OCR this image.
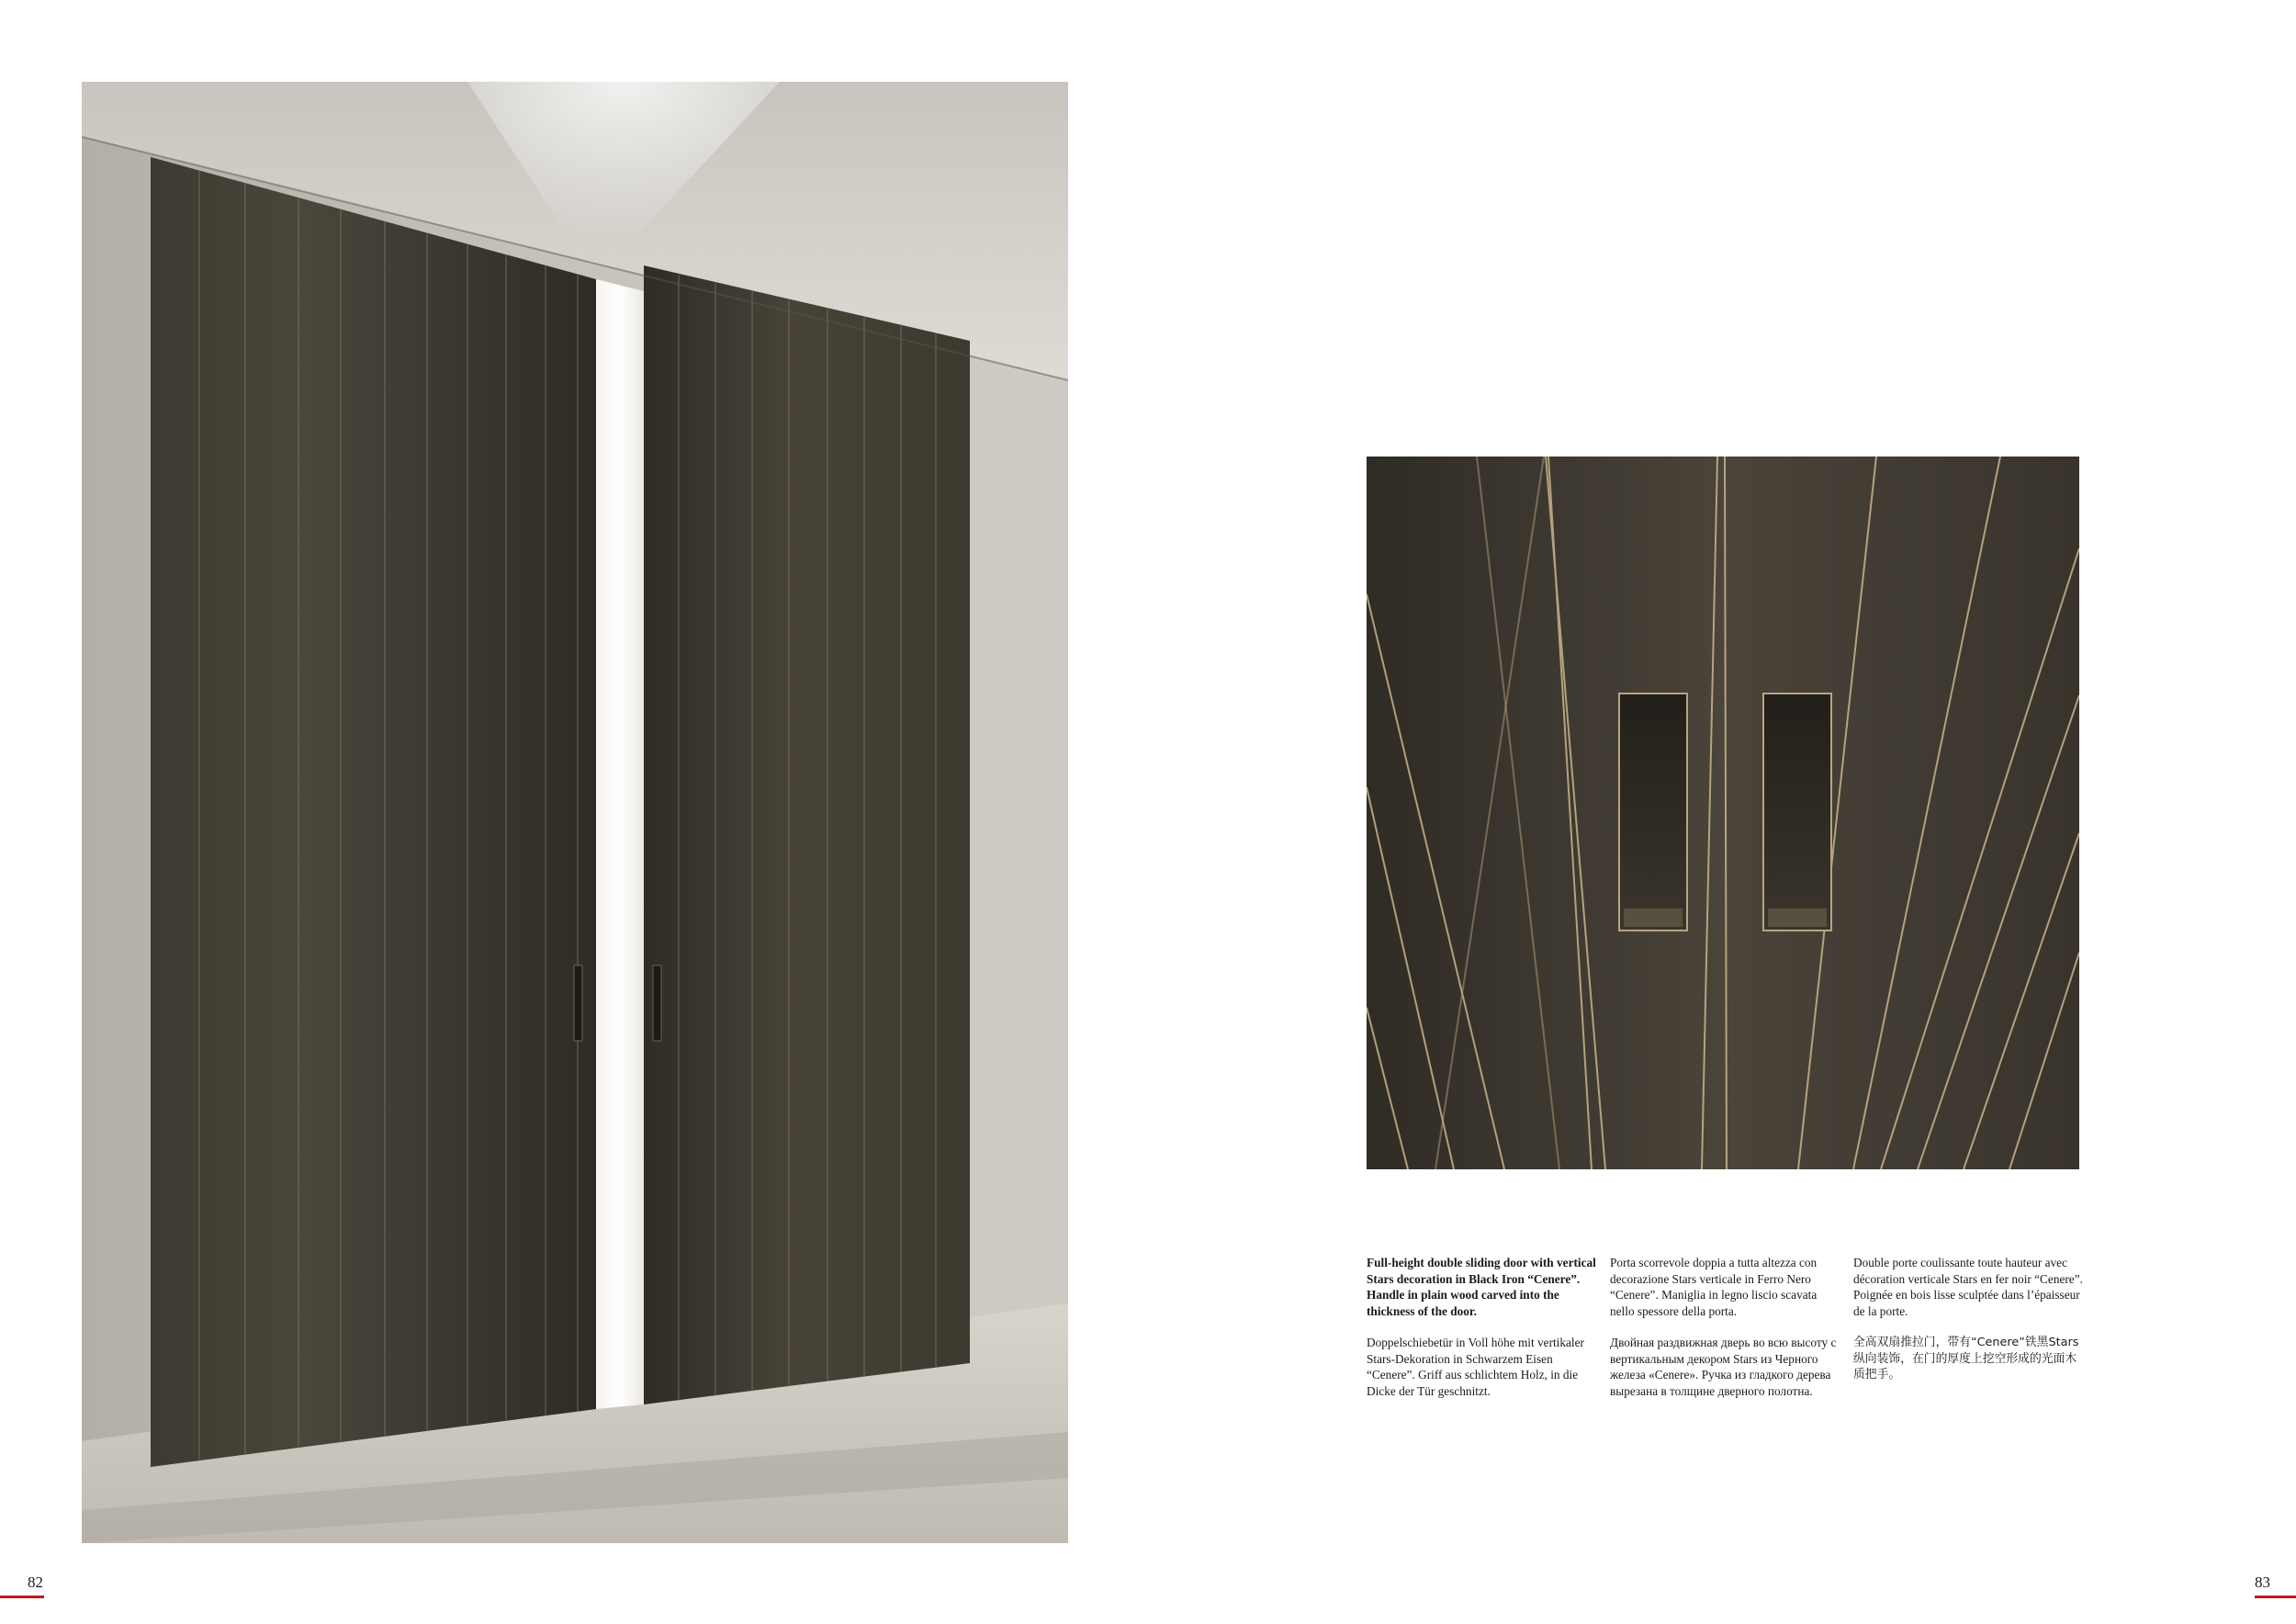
Full-height double sliding door with vertical Stars decoration in Black Iron “Cenere”. Handle in plain wood carved into the thickness of the door.

Doppelschiebetür in Voll höhe mit vertikaler Stars-Dekoration in Schwarzem Eisen “Cenere”. Griff aus schlichtem Holz, in die Dicke der Tür geschnitzt.

Porta scorrevole doppia a tutta altezza con decorazione Stars verticale in Ferro Nero “Cenere”. Maniglia in legno liscio scavata nello spessore della porta.

Двойная раздвижная дверь во всю высоту с вертикальным декором Stars из Черного железа «Cenere». Ручка из гладкого дерева вырезана в толщине дверного полотна.

Double porte coulissante toute hauteur avec décoration verticale Stars en fer noir “Cenere”. Poignée en bois lisse sculptée dans l’épaisseur de la porte.

全高双扇推拉门，带有“Cenere”铁黑Stars 纵向装饰，在门的厚度上挖空形成的光面木质把手。

82	83
